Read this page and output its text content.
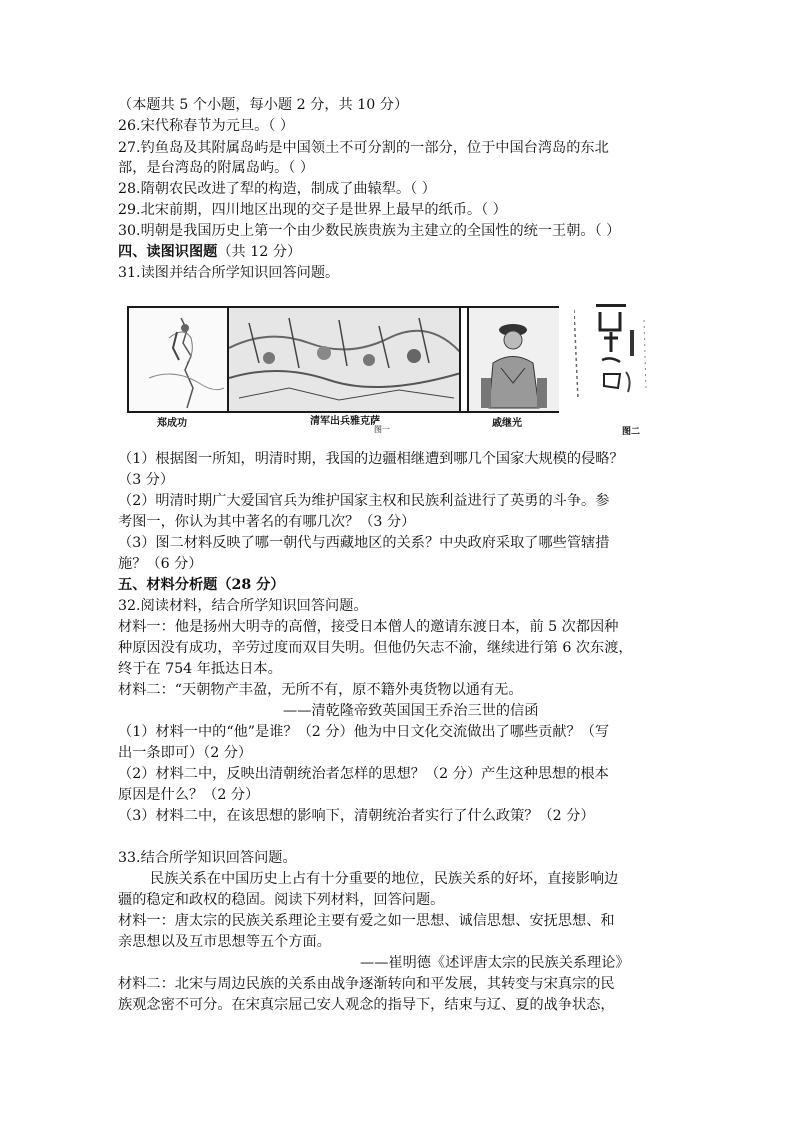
（本题共 5 个小题，每小题 2 分，共 10 分）
26.宋代称春节为元旦。（ ）
27.钓鱼岛及其附属岛屿是中国领土不可分割的一部分，位于中国台湾岛的东北
部，是台湾岛的附属岛屿。（ ）
28.隋朝农民改进了犁的构造，制成了曲辕犁。（ ）
29.北宋前期，四川地区出现的交子是世界上最早的纸币。（ ）
30.明朝是我国历史上第一个由少数民族贵族为主建立的全国性的统一王朝。（ ）
四、读图识图题（共 12 分）
31.读图并结合所学知识回答问题。
郑成功	清军出兵雅克萨
图一
戚继光
图二
（1）根据图一所知，明清时期，我国的边疆相继遭到哪几个国家大规模的侵略？
（3 分）
（2）明清时期广大爱国官兵为维护国家主权和民族利益进行了英勇的斗争。参
考图一，你认为其中著名的有哪几次？（3 分）
（3）图二材料反映了哪一朝代与西藏地区的关系？中央政府采取了哪些管辖措
施？（6 分）
五、材料分析题（28 分）
32.阅读材料，结合所学知识回答问题。
材料一：他是扬州大明寺的高僧，接受日本僧人的邀请东渡日本，前 5 次都因种
种原因没有成功，辛劳过度而双目失明。但他仍矢志不渝，继续进行第 6 次东渡，
终于在 754 年抵达日本。
材料二：“天朝物产丰盈，无所不有，原不籍外夷货物以通有无。
——清乾隆帝致英国国王乔治三世的信函
（1）材料一中的“他”是谁？（2 分）他为中日文化交流做出了哪些贡献？（写
出一条即可）（2 分）
（2）材料二中，反映出清朝统治者怎样的思想？（2 分）产生这种思想的根本
原因是什么？（2 分）
（3）材料二中，在该思想的影响下，清朝统治者实行了什么政策？（2 分）
33.结合所学知识回答问题。
民族关系在中国历史上占有十分重要的地位，民族关系的好坏，直接影响边
疆的稳定和政权的稳固。阅读下列材料，回答问题。
材料一：唐太宗的民族关系理论主要有爱之如一思想、诚信思想、安抚思想、和
亲思想以及互市思想等五个方面。
——崔明德《述评唐太宗的民族关系理论》
材料二：北宋与周边民族的关系由战争逐渐转向和平发展，其转变与宋真宗的民
族观念密不可分。在宋真宗屈己安人观念的指导下，结束与辽、夏的战争状态，
